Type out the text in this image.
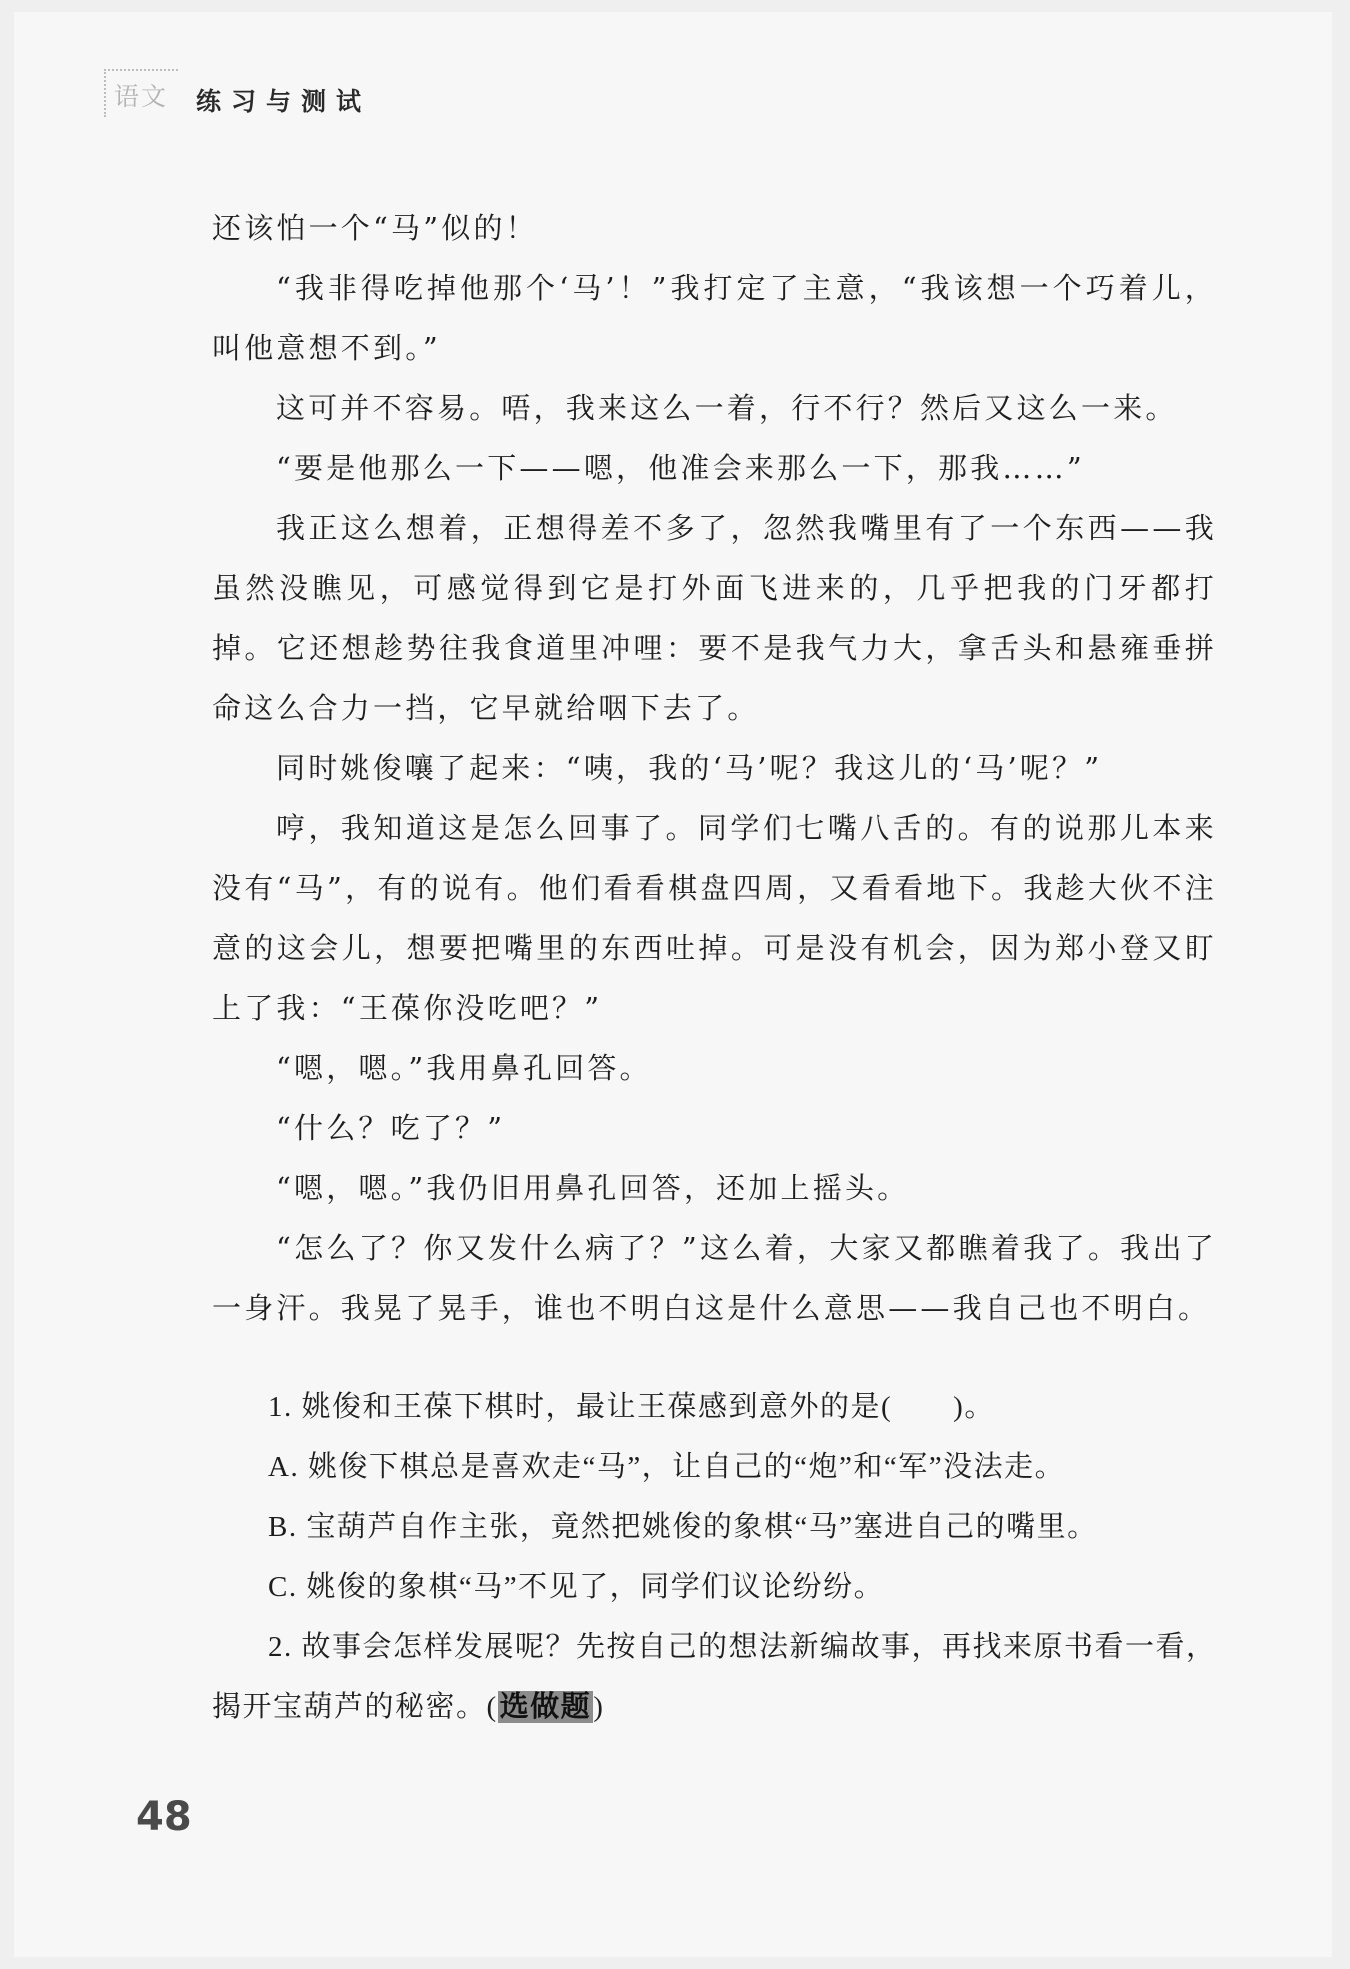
语文	练习与测试

还该怕一个“马”似的！

“我非得吃掉他那个‘马’！”我打定了主意，“我该想一个巧着儿，叫他意想不到。”

这可并不容易。唔，我来这么一着，行不行？然后又这么一来。

“要是他那么一下——嗯，他准会来那么一下，那我……”

我正这么想着，正想得差不多了，忽然我嘴里有了一个东西——我虽然没瞧见，可感觉得到它是打外面飞进来的，几乎把我的门牙都打掉。它还想趁势往我食道里冲哩：要不是我气力大，拿舌头和悬雍垂拼命这么合力一挡，它早就给咽下去了。

同时姚俊嚷了起来：“咦，我的‘马’呢？我这儿的‘马’呢？”

哼，我知道这是怎么回事了。同学们七嘴八舌的。有的说那儿本来没有“马”，有的说有。他们看看棋盘四周，又看看地下。我趁大伙不注意的这会儿，想要把嘴里的东西吐掉。可是没有机会，因为郑小登又盯上了我：“王葆你没吃吧？”

“嗯，嗯。”我用鼻孔回答。

“什么？吃了？”

“嗯，嗯。”我仍旧用鼻孔回答，还加上摇头。

“怎么了？你又发什么病了？”这么着，大家又都瞧着我了。我出了一身汗。我晃了晃手，谁也不明白这是什么意思——我自己也不明白。

1. 姚俊和王葆下棋时，最让王葆感到意外的是(　　)。

A. 姚俊下棋总是喜欢走“马”，让自己的“炮”和“军”没法走。

B. 宝葫芦自作主张，竟然把姚俊的象棋“马”塞进自己的嘴里。

C. 姚俊的象棋“马”不见了，同学们议论纷纷。

2. 故事会怎样发展呢？先按自己的想法新编故事，再找来原书看一看，揭开宝葫芦的秘密。(选做题)

48
